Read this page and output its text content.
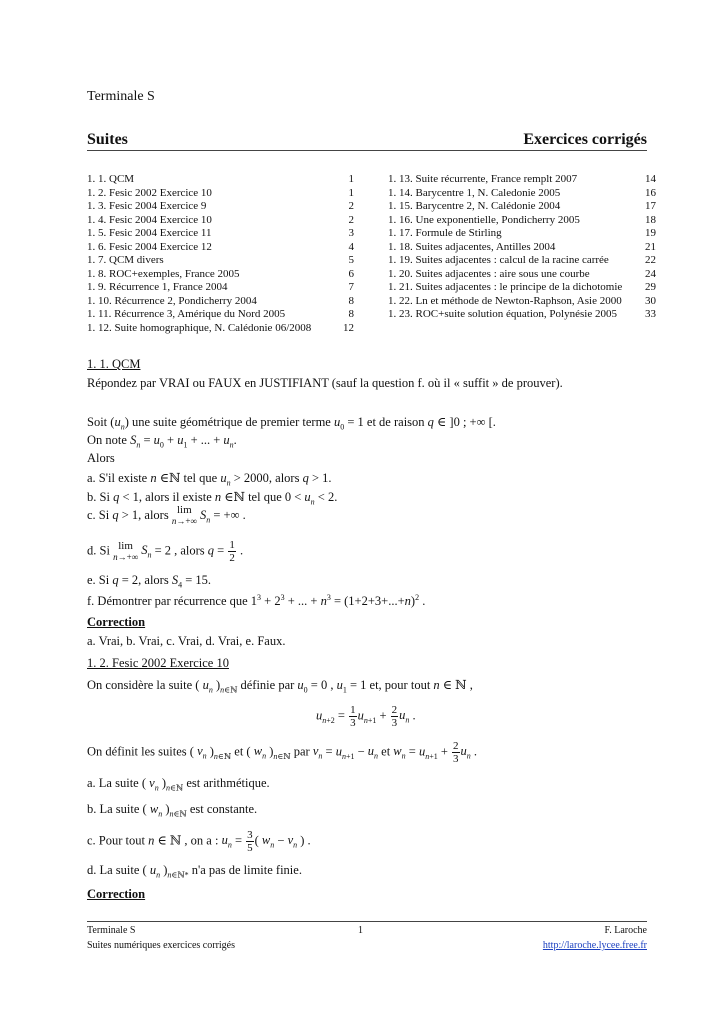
Terminale S
Suites	Exercices corrigés
1. 1. QCM	1
1. 2. Fesic 2002 Exercice 10	1
1. 3. Fesic 2004 Exercice 9	2
1. 4. Fesic 2004 Exercice 10	2
1. 5. Fesic 2004 Exercice 11	3
1. 6. Fesic 2004 Exercice 12	4
1. 7. QCM divers	5
1. 8. ROC+exemples, France 2005	6
1. 9. Récurrence 1, France 2004	7
1. 10. Récurrence 2, Pondicherry 2004	8
1. 11. Récurrence 3, Amérique du Nord 2005	8
1. 12. Suite homographique, N. Calédonie 06/2008	12
1. 13. Suite récurrente, France remplt 2007	14
1. 14. Barycentre 1, N. Caledonie 2005	16
1. 15. Barycentre 2, N. Calédonie 2004	17
1. 16. Une exponentielle, Pondicherry 2005	18
1. 17. Formule de Stirling	19
1. 18. Suites adjacentes, Antilles 2004	21
1. 19. Suites adjacentes : calcul de la racine carrée	22
1. 20. Suites adjacentes : aire sous une courbe	24
1. 21. Suites adjacentes : le principe de la dichotomie 29
1. 22. Ln et méthode de Newton-Raphson, Asie 2000 30
1. 23. ROC+suite solution équation, Polynésie 2005	33
1. 1. QCM
Répondez par VRAI ou FAUX en JUSTIFIANT (sauf la question f. où il « suffit » de prouver).
Soit $(u_n)$ une suite géométrique de premier terme $u_0 = 1$ et de raison q ∈ ]0 ; +∞ [.
On note $S_n = u_0 + u_1$ + ... + $u_n$.
Alors
a. S'il existe n ∈ℕ tel que $u_n > 2000$, alors q > 1.
b. Si q < 1, alors il existe n ∈ℕ tel que $0 < u_n < 2$.
c. Si q > 1, alors lim
n→+∞ $S_n$ = +∞ .
d. Si lim
n→+∞ $S_n = 2$ , alors $q = \frac{1}{2}$ .
e. Si q = 2, alors $S_4 = 15$.
f. Démontrer par récurrence que $1^3 + 2^3$ + ... + $n^3 = (1+2+3+...+n)^2$ .
Correction
a. Vrai, b. Vrai, c. Vrai, d. Vrai, e. Faux.
1. 2. Fesic 2002 Exercice 10
On considère la suite ( $u_n$ )$_{n\in ℕ}$ définie par $u_0 = 0$ , $u_1 = 1$ et, pour tout n ∈ ℕ ,
$u_{n+2} = \frac{1}{3} u_{n+1} + \frac{2}{3} u_n$ .
On définit les suites ( $v_n$ )$_{n\in ℕ}$ et ( $w_n$ )$_{n\in ℕ}$ par $v_n = u_{n+1} - u_n$ et $w_n = u_{n+1} + \frac{2}{3} u_n$ .
a. La suite ( $v_n$ )$_{n\in ℕ}$ est arithmétique.
b. La suite ( $w_n$ )$_{n\in ℕ}$ est constante.
c. Pour tout n ∈ ℕ , on a : $u_n = \frac{3}{5}$ ( $w_n - v_n$ ) .
d. La suite ( $u_n$ )$_{n\in ℕ*}$ n'a pas de limite finie.
Correction
Terminale S	1	F. Laroche
Suites numériques exercices corrigés	http://laroche.lycee.free.fr
